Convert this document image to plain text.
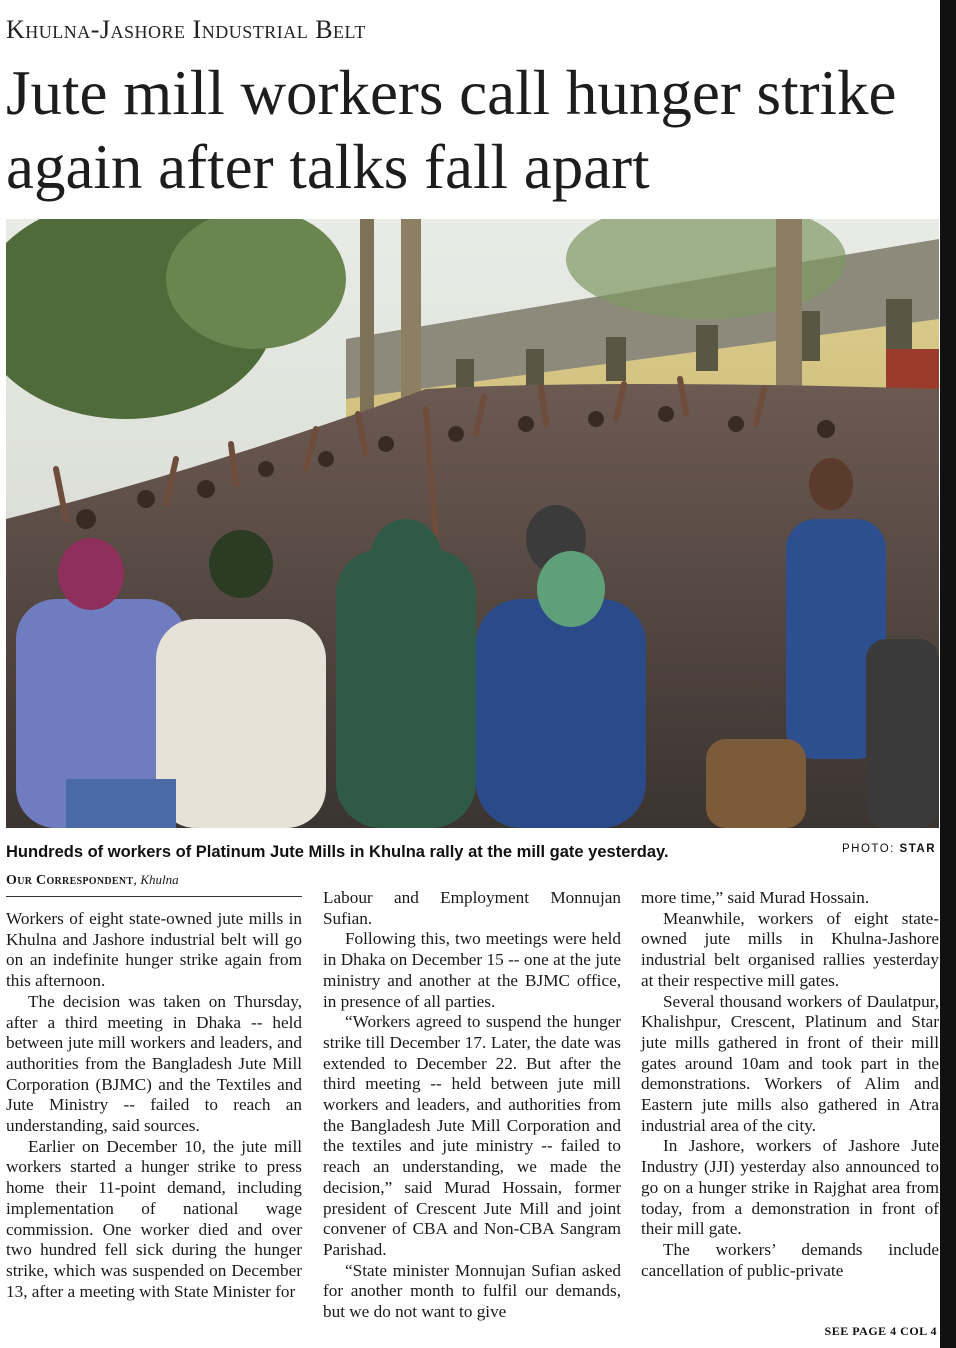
Khulna-Jashore Industrial Belt
Jute mill workers call hunger strike again after talks fall apart
Hundreds of workers of Platinum Jute Mills in Khulna rally at the mill gate yesterday.	PHOTO: STAR
Our Correspondent, Khulna

Workers of eight state-owned jute mills in Khulna and Jashore industrial belt will go on an indefinite hunger strike again from this afternoon.

The decision was taken on Thursday, after a third meeting in Dhaka -- held between jute mill workers and leaders, and authorities from the Bangladesh Jute Mill Corporation (BJMC) and the Textiles and Jute Ministry -- failed to reach an understanding, said sources.

Earlier on December 10, the jute mill workers started a hunger strike to press home their 11-point demand, including implementation of national wage commission. One worker died and over two hundred fell sick during the hunger strike, which was suspended on December 13, after a meeting with State Minister for

Labour and Employment Monnujan Sufian.

Following this, two meetings were held in Dhaka on December 15 -- one at the jute ministry and another at the BJMC office, in presence of all parties.

“Workers agreed to suspend the hunger strike till December 17. Later, the date was extended to December 22. But after the third meeting -- held between jute mill workers and leaders, and authorities from the Bangladesh Jute Mill Corporation and the textiles and jute ministry -- failed to reach an understanding, we made the decision,” said Murad Hossain, former president of Crescent Jute Mill and joint convener of CBA and Non-CBA Sangram Parishad.

“State minister Monnujan Sufian asked for another month to fulfil our demands, but we do not want to give

more time,” said Murad Hossain.

Meanwhile, workers of eight state-owned jute mills in Khulna-Jashore industrial belt organised rallies yesterday at their respective mill gates.

Several thousand workers of Daulatpur, Khalishpur, Crescent, Platinum and Star jute mills gathered in front of their mill gates around 10am and took part in the demonstrations. Workers of Alim and Eastern jute mills also gathered in Atra industrial area of the city.

In Jashore, workers of Jashore Jute Industry (JJI) yesterday also announced to go on a hunger strike in Rajghat area from today, from a demonstration in front of their mill gate.

The workers’ demands include cancellation of public-private

SEE PAGE 4 COL 4
